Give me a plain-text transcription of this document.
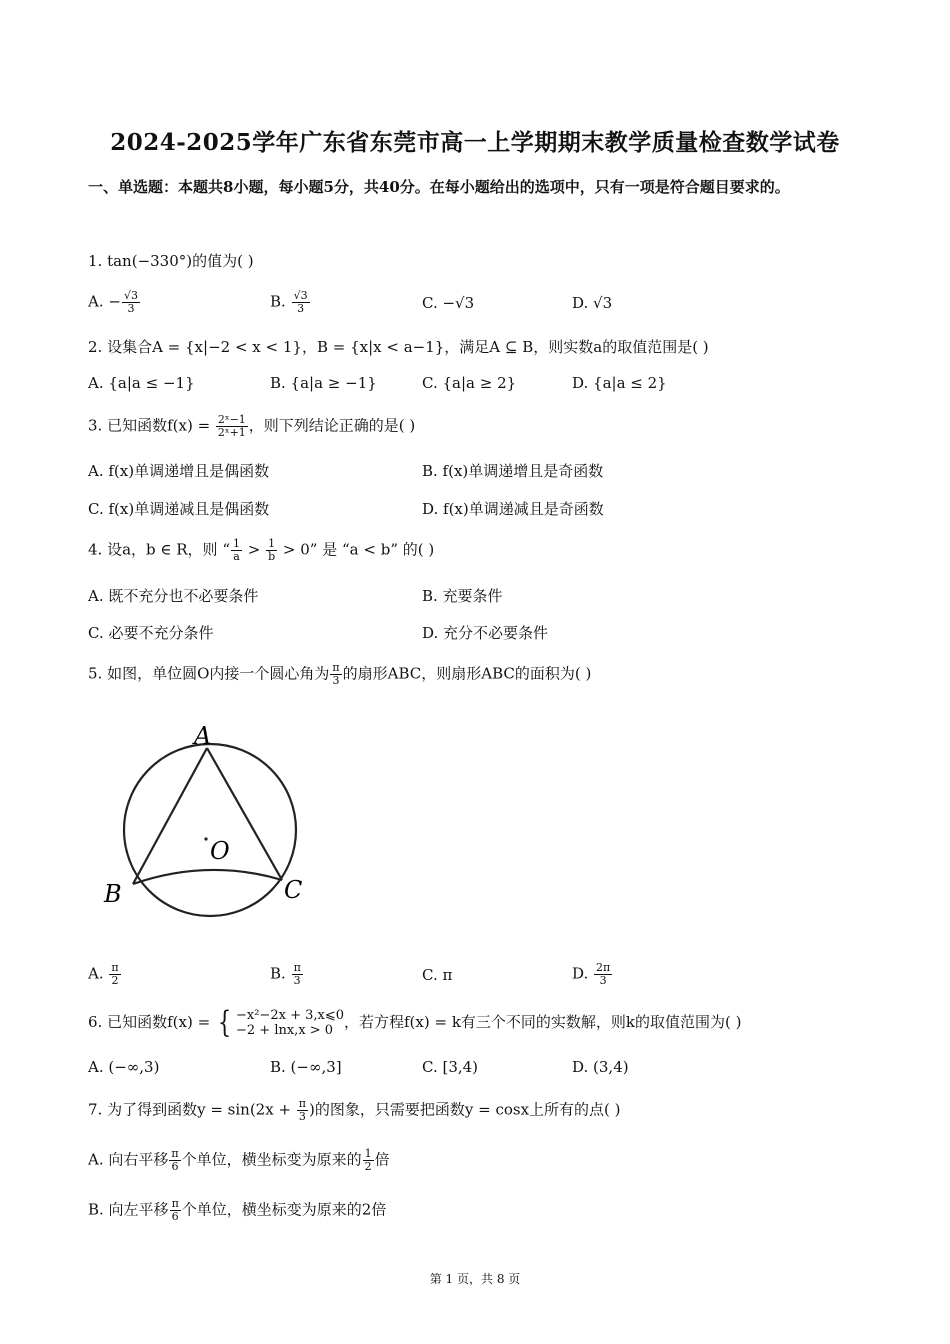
2024-2025学年广东省东莞市高一上学期期末教学质量检查数学试卷
一、单选题：本题共8小题，每小题5分，共40分。在每小题给出的选项中，只有一项是符合题目要求的。
1. tan(−330°)的值为( )
A. − $\frac{√3}{3}$	B. $\frac{√3}{3}$	C. −√3	D. √3
2. 设集合A = {x|−2 < x < 1}，B = {x|x < a−1}，满足A ⊆ B，则实数a的取值范围是( )
A. {a|a ≤ −1}	B. {a|a ≥ −1}	C. {a|a ≥ 2}	D. {a|a ≤ 2}
3. 已知函数$f(x) = \frac{\text{2ˣ−1}}{\text{2ˣ+1}}$ ，则下列结论正确的是( )
A. f(x)单调递增且是偶函数	B. f(x)单调递增且是奇函数
C. f(x)单调递减且是偶函数	D. f(x)单调递减且是奇函数
4. 设a，b ∈ R，则 “ $\frac{1}{a} > \frac{1}{b} > 0$” 是 “a < b” 的( )
A. 既不充分也不必要条件	B. 充要条件
C. 必要不充分条件	D. 充分不必要条件
5. 如图，单位圆O内接一个圆心角为 $\frac{\pi}{3}$ 的扇形ABC，则扇形ABC的面积为( )
A
B	C
O
A. $\frac{\pi}{2}$	B. $\frac{\pi}{3}$	C. π	D. $\frac{2\pi}{3}$
6. 已知函数f(x) = { −x²−2x + 3,x⩽0
−2 + lnx,x > 0 ，若方程f(x) = k有三个不同的实数解，则k的取值范围为( )
A. (−∞,3)	B. (−∞,3]	C. [3,4)	D. (3,4)
7. 为了得到函数$y = \sin(2x + \frac{\pi}{3}$ )的图象，只需要把函数y = cosx上所有的点( )
A. 向右平移 $\frac{\pi}{6}$ 个单位，横坐标变为原来的 $\frac{1}{2}$ 倍
B. 向左平移 $\frac{\pi}{6}$ 个单位，横坐标变为原来的2倍
第 1 页，共 8 页
